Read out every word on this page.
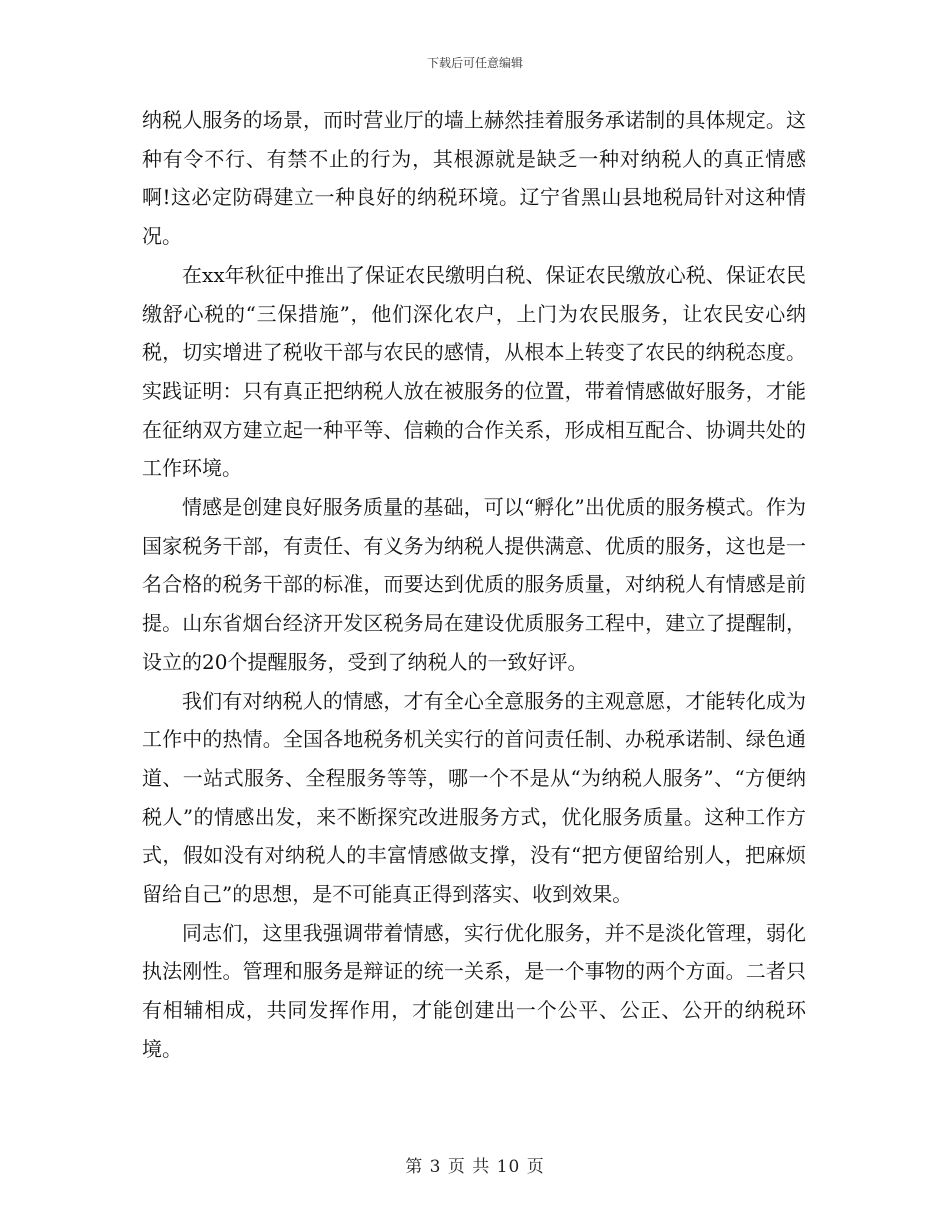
下载后可任意编辑

纳税人服务的场景，而时营业厅的墙上赫然挂着服务承诺制的具体规定。这种有令不行、有禁不止的行为，其根源就是缺乏一种对纳税人的真正情感啊!这必定防碍建立一种良好的纳税环境。辽宁省黑山县地税局针对这种情况。

在xx年秋征中推出了保证农民缴明白税、保证农民缴放心税、保证农民缴舒心税的“三保措施”，他们深化农户，上门为农民服务，让农民安心纳税，切实增进了税收干部与农民的感情，从根本上转变了农民的纳税态度。实践证明：只有真正把纳税人放在被服务的位置，带着情感做好服务，才能在征纳双方建立起一种平等、信赖的合作关系，形成相互配合、协调共处的工作环境。

情感是创建良好服务质量的基础，可以“孵化”出优质的服务模式。作为国家税务干部，有责任、有义务为纳税人提供满意、优质的服务，这也是一名合格的税务干部的标准，而要达到优质的服务质量，对纳税人有情感是前提。山东省烟台经济开发区税务局在建设优质服务工程中，建立了提醒制，设立的20个提醒服务，受到了纳税人的一致好评。

我们有对纳税人的情感，才有全心全意服务的主观意愿，才能转化成为工作中的热情。全国各地税务机关实行的首问责任制、办税承诺制、绿色通道、一站式服务、全程服务等等，哪一个不是从“为纳税人服务”、“方便纳税人”的情感出发，来不断探究改进服务方式，优化服务质量。这种工作方式，假如没有对纳税人的丰富情感做支撑，没有“把方便留给别人，把麻烦留给自己”的思想，是不可能真正得到落实、收到效果。

同志们，这里我强调带着情感，实行优化服务，并不是淡化管理，弱化执法刚性。管理和服务是辩证的统一关系，是一个事物的两个方面。二者只有相辅相成，共同发挥作用，才能创建出一个公平、公正、公开的纳税环境。

第 3 页 共 10 页
